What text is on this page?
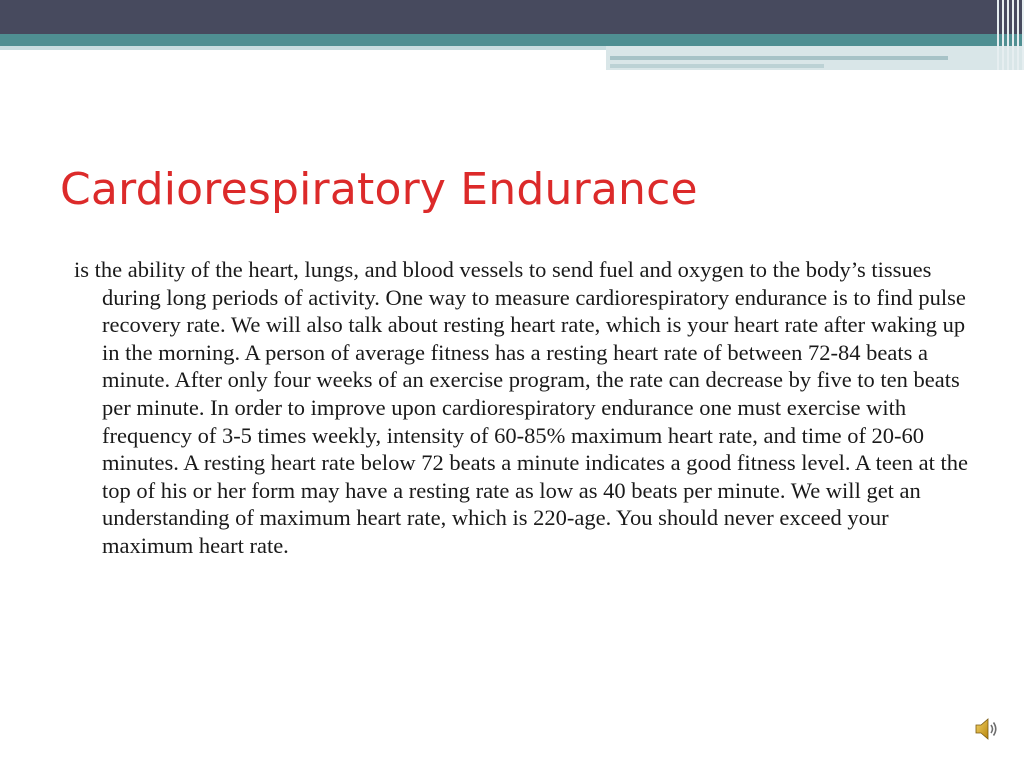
Cardiorespiratory Endurance

is the ability of the heart, lungs, and blood vessels to send fuel and oxygen to the body’s tissues during long periods of activity. One way to measure cardiorespiratory endurance is to find pulse recovery rate. We will also talk about resting heart rate, which is your heart rate after waking up in the morning. A person of average fitness has a resting heart rate of between 72-84 beats a minute. After only four weeks of an exercise program, the rate can decrease by five to ten beats per minute. In order to improve upon cardiorespiratory endurance one must exercise with frequency of 3-5 times weekly, intensity of 60-85% maximum heart rate, and time of 20-60 minutes. A resting heart rate below 72 beats a minute indicates a good fitness level. A teen at the top of his or her form may have a resting rate as low as 40 beats per minute. We will get an understanding of maximum heart rate, which is 220-age. You should never exceed your maximum heart rate.
